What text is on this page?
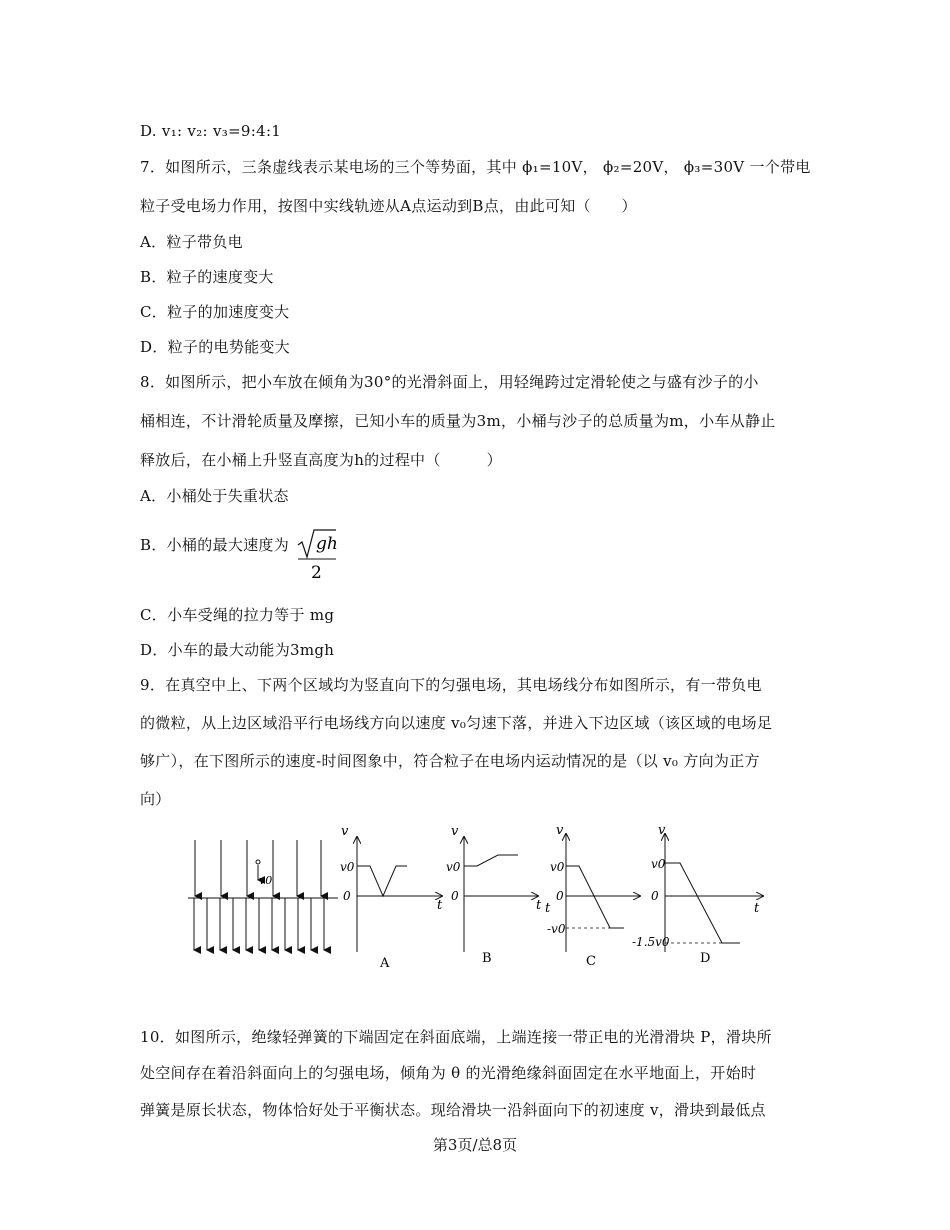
D. v₁: v₂: v₃=9:4:1
7．如图所示，三条虚线表示某电场的三个等势面，其中 ϕ₁=10V， ϕ₂=20V， ϕ₃=30V 一个带电
粒子受电场力作用，按图中实线轨迹从A点运动到B点，由此可知（　　）
A．粒子带负电
B．粒子的速度变大
C．粒子的加速度变大
D．粒子的电势能变大
8．如图所示，把小车放在倾角为30°的光滑斜面上，用轻绳跨过定滑轮使之与盛有沙子的小
桶相连，不计滑轮质量及摩擦，已知小车的质量为3m，小桶与沙子的总质量为m，小车从静止
释放后，在小桶上升竖直高度为h的过程中（　　　）
A．小桶处于失重状态
B．小桶的最大速度为 gh
2
C．小车受绳的拉力等于 mg
D．小车的最大动能为3mgh
9．在真空中上、下两个区域均为竖直向下的匀强电场，其电场线分布如图所示，有一带负电
的微粒，从上边区域沿平行电场线方向以速度 v₀匀速下落，并进入下边区域（该区域的电场足
够广），在下图所示的速度-时间图象中，符合粒子在电场内运动情况的是（以 v₀ 方向为正方
向）
v0
v
t
0
v0
A
v
t
0
v0
B
v
t
0
v0
-v0
C
v
t
0
v0
-1.5v0
D
10．如图所示，绝缘轻弹簧的下端固定在斜面底端，上端连接一带正电的光滑滑块 P，滑块所
处空间存在着沿斜面向上的匀强电场，倾角为 θ 的光滑绝缘斜面固定在水平地面上，开始时
弹簧是原长状态，物体恰好处于平衡状态。现给滑块一沿斜面向下的初速度 v，滑块到最低点
第3页/总8页
